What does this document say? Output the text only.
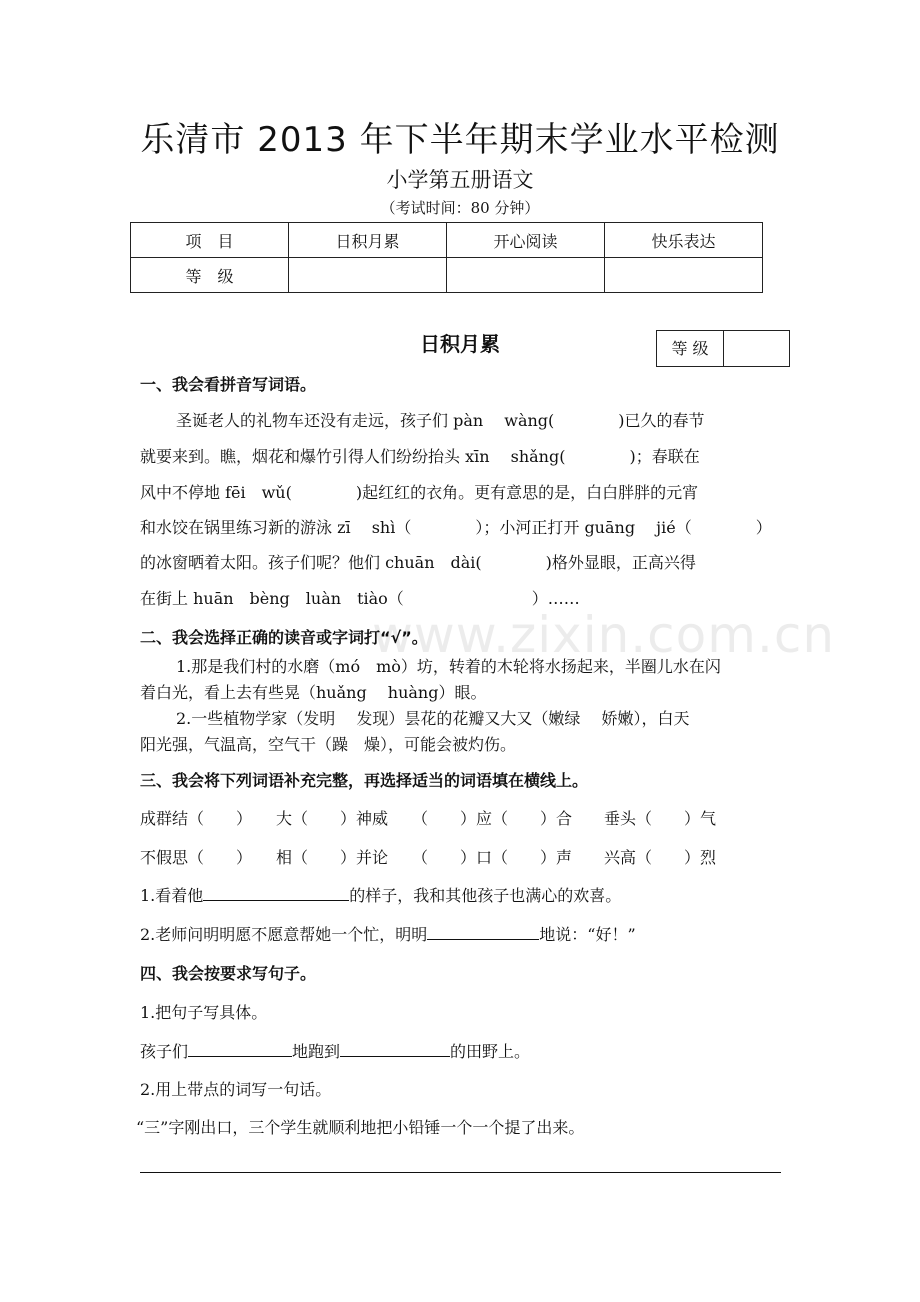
乐清市 2013 年下半年期末学业水平检测
小学第五册语文
（考试时间：80 分钟）
项　目	日积月累	开心阅读	快乐表达
等　级			
日积月累	等 级
一、我会看拼音写词语。
圣诞老人的礼物车还没有走远，孩子们 pàn　 wàng(　　　　)已久的春节
就要来到。瞧，烟花和爆竹引得人们纷纷抬头 xīn　 shǎng(　　　　)；春联在
风中不停地 fēi　wǔ(　　　　)起红红的衣角。更有意思的是，白白胖胖的元宵
和水饺在锅里练习新的游泳 zī　 shì（　　　　）；小河正打开 guāng　 jié（　　　　）
的冰窗晒着太阳。孩子们呢？他们 chuān　dài(　　　　)格外显眼，正高兴得
在街上 huān　bèng　luàn　tiào（　　　　　　　　）……
www.zixin.com.cn
二、我会选择正确的读音或字词打“√”。
1.那是我们村的水磨（mó　mò）坊，转着的木轮将水扬起来，半圈儿水在闪
着白光，看上去有些晃（huǎng　 huàng）眼。
2.一些植物学家（发明　 发现）昙花的花瓣又大又（嫩绿　 娇嫩），白天
阳光强，气温高，空气干（躁　燥），可能会被灼伤。
三、我会将下列词语补充完整，再选择适当的词语填在横线上。
成群结（　　）　　大（　　）神威　　（　　）应（　　）合　　垂头（　　）气
不假思（　　）　　相（　　）并论　　（　　）口（　　）声　　兴高（　　）烈
1.看着他	的样子，我和其他孩子也满心的欢喜。
2.老师问明明愿不愿意帮她一个忙，明明	地说：“好！”
四、我会按要求写句子。
1.把句子写具体。
孩子们	地跑到	的田野上。
2.用上带点的词写一句话。
“三”字刚出口，三个学生就顺利地把小铅锤一个一个提了出来。
